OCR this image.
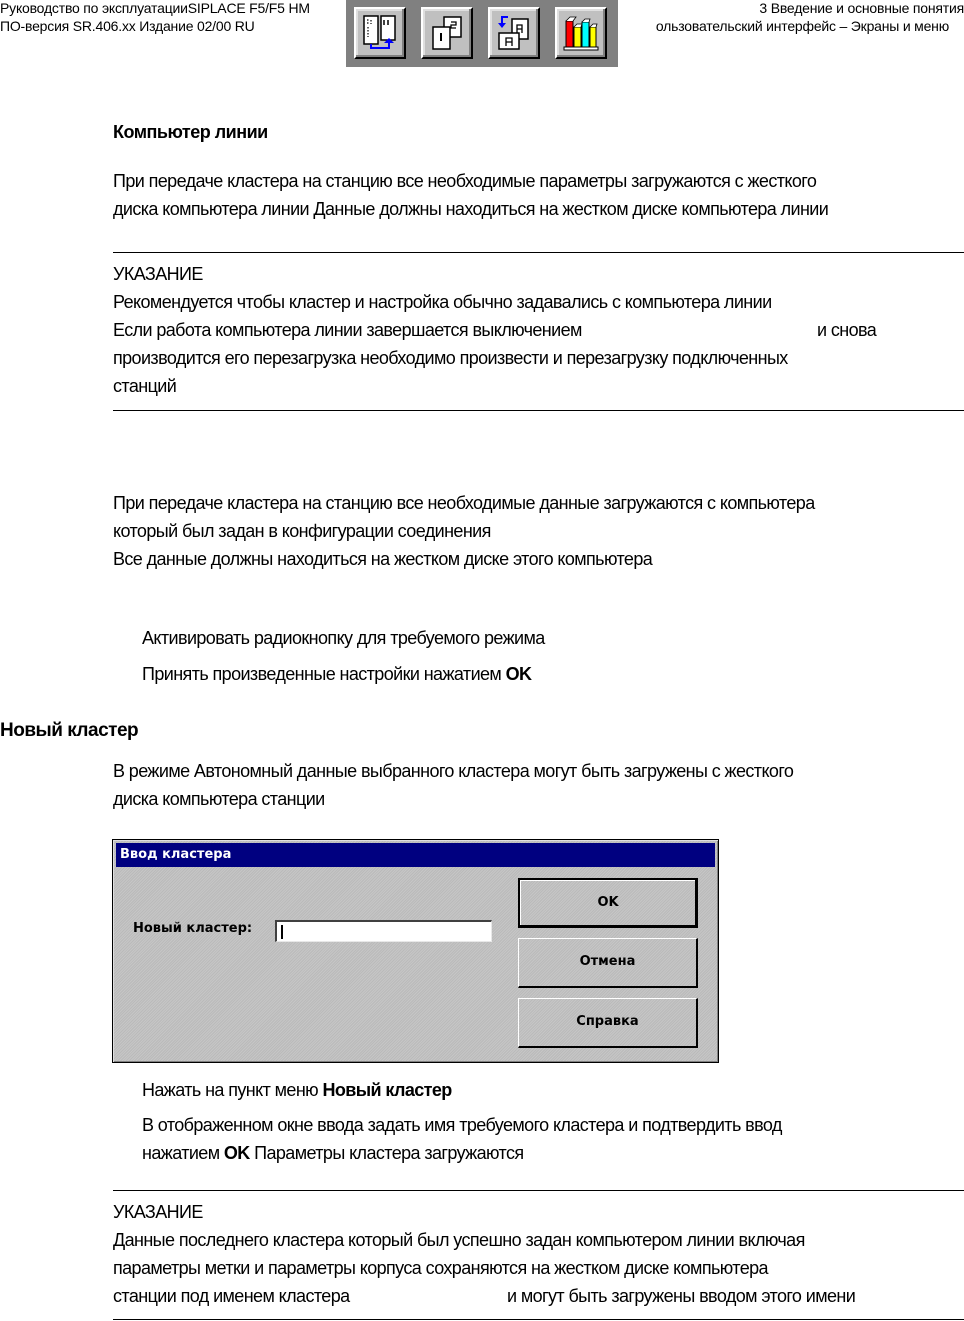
Руководство по эксплуатацииSIPLACE F5/F5 HM
ПО-версия SR.406.xx Издание 02/00 RU
3 Введение и основные понятия
ользовательский интерфейс – Экраны и меню
Компьютер линии
При передаче кластера на станцию все необходимые параметры загружаются с жесткого
диска компьютера линии Данные должны находиться на жестком диске компьютера линии
УКАЗАНИЕ
Рекомендуется чтобы кластер и настройка обычно задавались с компьютера линии
Если работа компьютера линии завершается выключением	и снова
производится его перезагрузка необходимо произвести и перезагрузку подключенных
станций
При передаче кластера на станцию все необходимые данные загружаются с компьютера
который был задан в конфигурации соединения
Все данные должны находиться на жестком диске этого компьютера
Активировать радиокнопку для требуемого режима
Принять произведенные настройки нажатием OK
Новый кластер
В режиме Автономный данные выбранного кластера могут быть загружены с жесткого
диска компьютера станции
Ввод кластера
Новый кластер:
OK
Отмена
Справка
Нажать на пункт меню Новый кластер
В отображенном окне ввода задать имя требуемого кластера и подтвердить ввод
нажатием OK Параметры кластера загружаются
УКАЗАНИЕ
Данные последнего кластера который был успешно задан компьютером линии включая
параметры метки и параметры корпуса сохраняются на жестком диске компьютера
станции под именем кластера	и могут быть загружены вводом этого имени
